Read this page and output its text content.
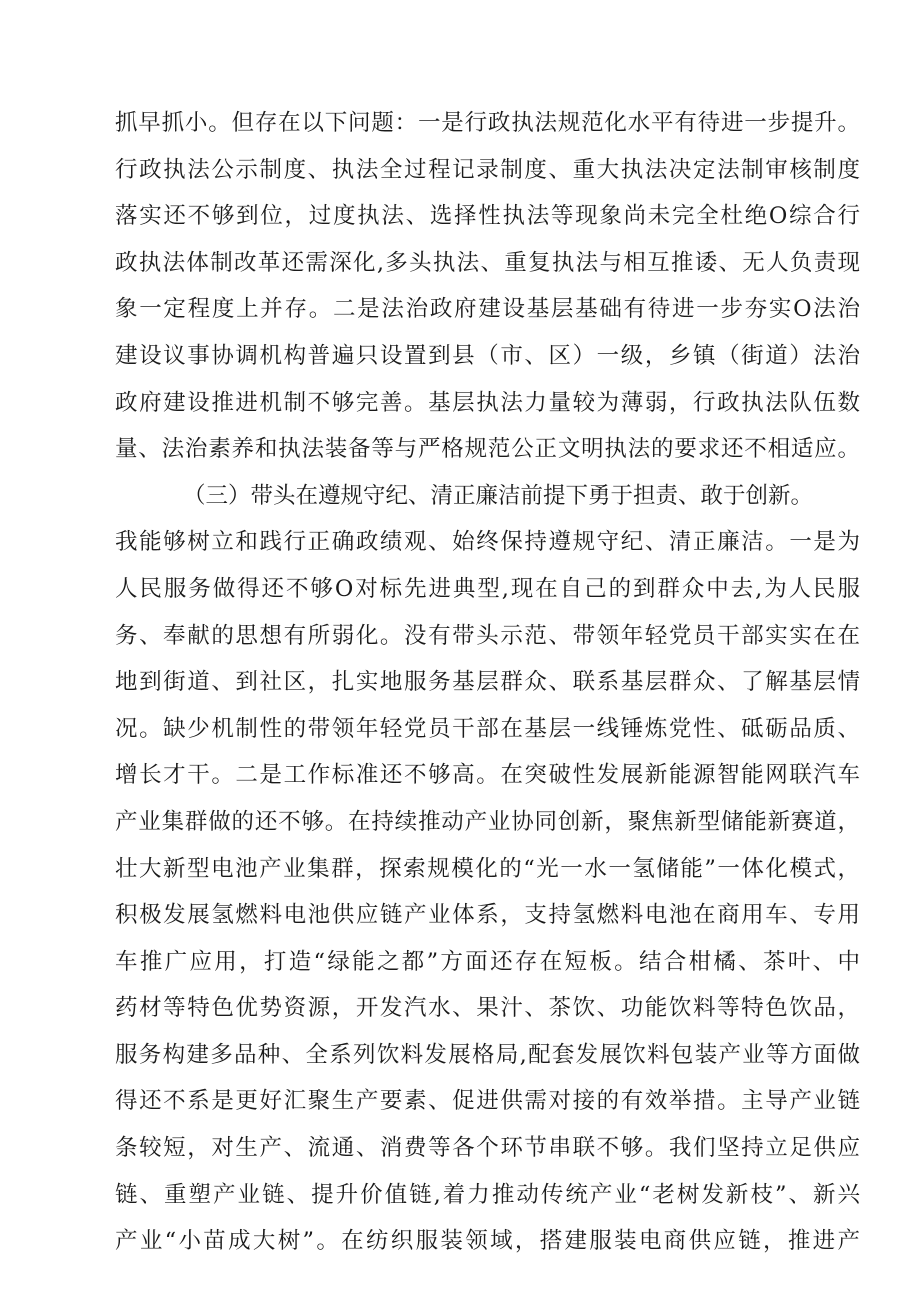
抓早抓小。但存在以下问题：一是行政执法规范化水平有待进一步提升。
行政执法公示制度、执法全过程记录制度、重大执法决定法制审核制度
落实还不够到位，过度执法、选择性执法等现象尚未完全杜绝O综合行
政执法体制改革还需深化,多头执法、重复执法与相互推诿、无人负责现
象一定程度上并存。二是法治政府建设基层基础有待进一步夯实O法治
建设议事协调机构普遍只设置到县（市、区）一级，乡镇（街道）法治
政府建设推进机制不够完善。基层执法力量较为薄弱，行政执法队伍数
量、法治素养和执法装备等与严格规范公正文明执法的要求还不相适应。
（三）带头在遵规守纪、清正廉洁前提下勇于担责、敢于创新。
我能够树立和践行正确政绩观、始终保持遵规守纪、清正廉洁。一是为
人民服务做得还不够O对标先进典型,现在自己的到群众中去,为人民服
务、奉献的思想有所弱化。没有带头示范、带领年轻党员干部实实在在
地到街道、到社区，扎实地服务基层群众、联系基层群众、了解基层情
况。缺少机制性的带领年轻党员干部在基层一线锤炼党性、砥砺品质、
增长才干。二是工作标准还不够高。在突破性发展新能源智能网联汽车
产业集群做的还不够。在持续推动产业协同创新，聚焦新型储能新赛道，
壮大新型电池产业集群，探索规模化的“光一水一氢储能”一体化模式，
积极发展氢燃料电池供应链产业体系，支持氢燃料电池在商用车、专用
车推广应用，打造“绿能之都”方面还存在短板。结合柑橘、茶叶、中
药材等特色优势资源，开发汽水、果汁、茶饮、功能饮料等特色饮品，
服务构建多品种、全系列饮料发展格局,配套发展饮料包装产业等方面做
得还不系是更好汇聚生产要素、促进供需对接的有效举措。主导产业链
条较短，对生产、流通、消费等各个环节串联不够。我们坚持立足供应
链、重塑产业链、提升价值链,着力推动传统产业“老树发新枝”、新兴
产业“小苗成大树”。在纺织服装领域，搭建服装电商供应链，推进产
